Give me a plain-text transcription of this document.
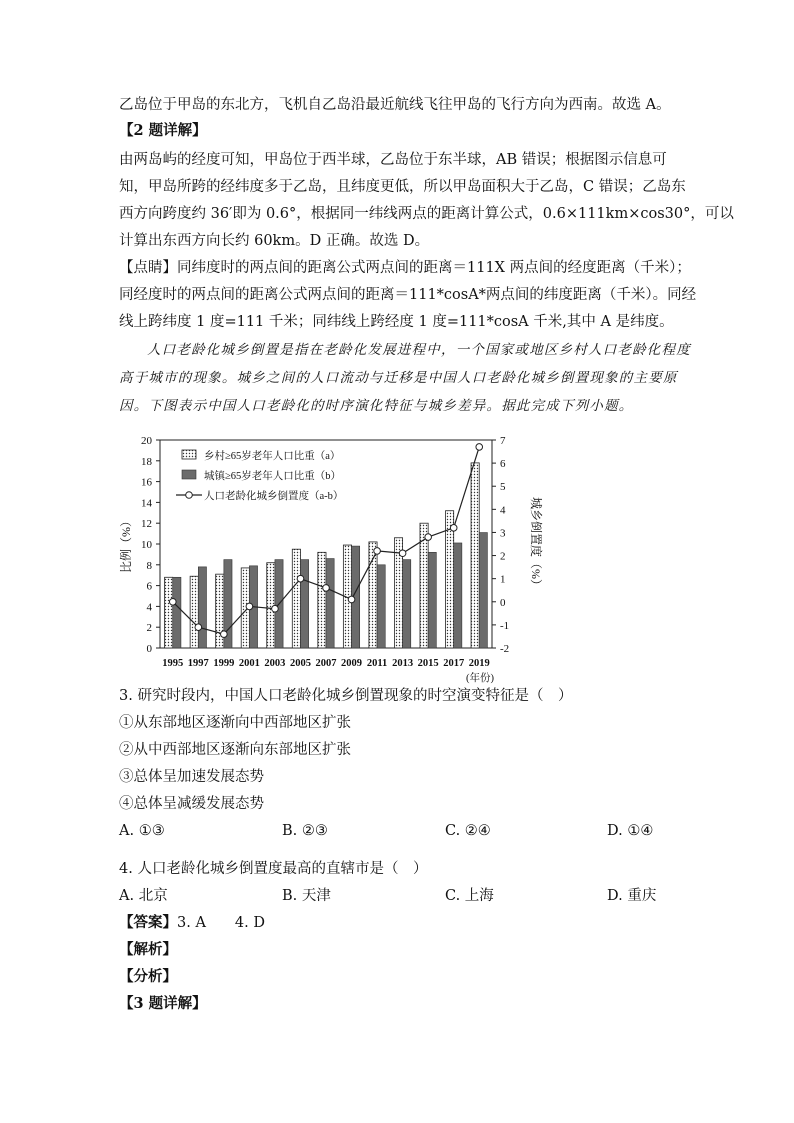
乙岛位于甲岛的东北方，飞机自乙岛沿最近航线飞往甲岛的飞行方向为西南。故选 A。
【2 题详解】
由两岛屿的经度可知，甲岛位于西半球，乙岛位于东半球，AB 错误；根据图示信息可
知，甲岛所跨的经纬度多于乙岛，且纬度更低，所以甲岛面积大于乙岛，C 错误；乙岛东
西方向跨度约 36′即为 0.6°，根据同一纬线两点的距离计算公式，0.6×111km×cos30°，可以
计算出东西方向长约 60km。D 正确。故选 D。
【点睛】同纬度时的两点间的距离公式两点间的距离＝111X 两点间的经度距离（千米）；
同经度时的两点间的距离公式两点间的距离＝111*cosA*两点间的纬度距离（千米）。同经
线上跨纬度 1 度=111 千米；同纬线上跨经度 1 度=111*cosA 千米,其中 A 是纬度。
人口老龄化城乡倒置是指在老龄化发展进程中，一个国家或地区乡村人口老龄化程度
高于城市的现象。城乡之间的人口流动与迁移是中国人口老龄化城乡倒置现象的主要原
因。下图表示中国人口老龄化的时序演化特征与城乡差异。据此完成下列小题。
0
2
4
6
8
10
12
14
16
18
20
-2
-1
0
1
2
3
4
5
6
7
1995 1997 1999 2001 2003 2005 2007 2009 2011 2013 2015 2017 2019
(年份)
比例（%）	城乡倒置度（%）
乡村≥65岁老年人口比重（a）
城镇≥65岁老年人口比重（b）
人口老龄化城乡倒置度（a-b）
3. 研究时段内，中国人口老龄化城乡倒置现象的时空演变特征是（　）
①从东部地区逐渐向中西部地区扩张
②从中西部地区逐渐向东部地区扩张
③总体呈加速发展态势
④总体呈减缓发展态势
A. ①③	B. ②③	C. ②④	D. ①④
4. 人口老龄化城乡倒置度最高的直辖市是（　）
A. 北京	B. 天津	C. 上海	D. 重庆
【答案】3. A　　4. D
【解析】
【分析】
【3 题详解】
